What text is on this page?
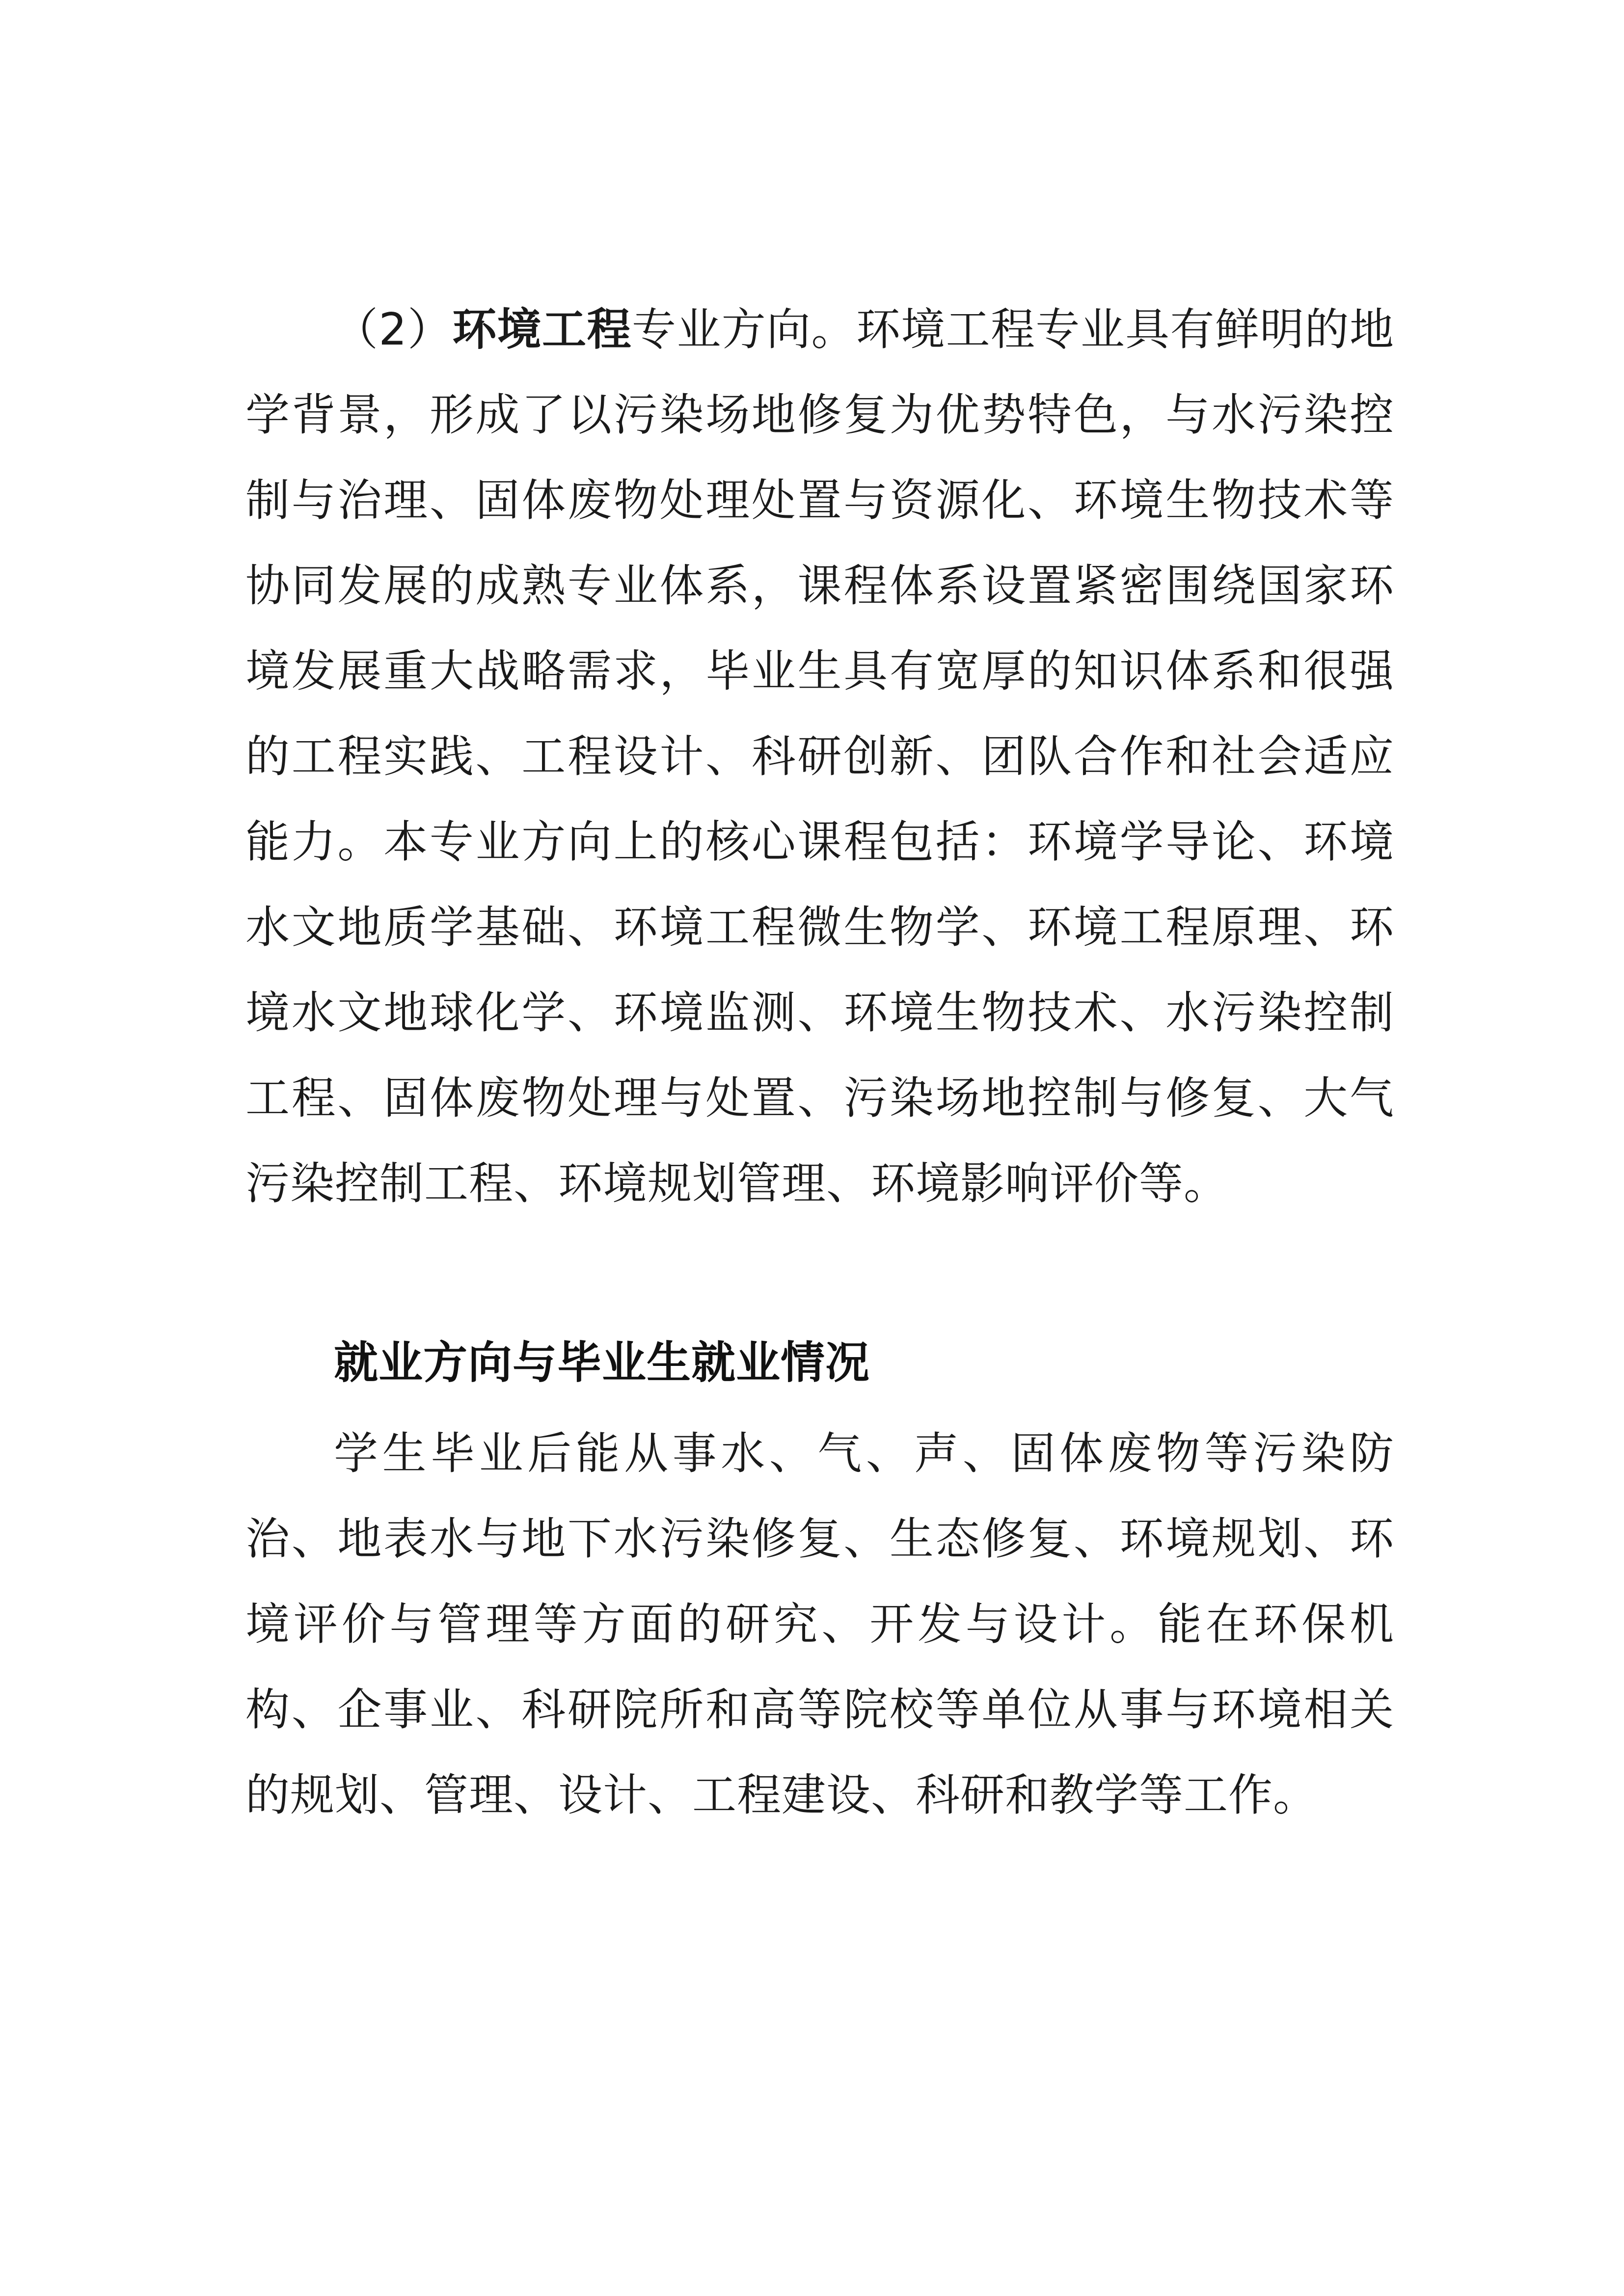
（2）环境工程专业方向。环境工程专业具有鲜明的地学背景，形成了以污染场地修复为优势特色，与水污染控制与治理、固体废物处理处置与资源化、环境生物技术等协同发展的成熟专业体系，课程体系设置紧密围绕国家环境发展重大战略需求，毕业生具有宽厚的知识体系和很强的工程实践、工程设计、科研创新、团队合作和社会适应能力。本专业方向上的核心课程包括：环境学导论、环境水文地质学基础、环境工程微生物学、环境工程原理、环境水文地球化学、环境监测、环境生物技术、水污染控制工程、固体废物处理与处置、污染场地控制与修复、大气污染控制工程、环境规划管理、环境影响评价等。

就业方向与毕业生就业情况

学生毕业后能从事水、气、声、固体废物等污染防治、地表水与地下水污染修复、生态修复、环境规划、环境评价与管理等方面的研究、开发与设计。能在环保机构、企事业、科研院所和高等院校等单位从事与环境相关的规划、管理、设计、工程建设、科研和教学等工作。
